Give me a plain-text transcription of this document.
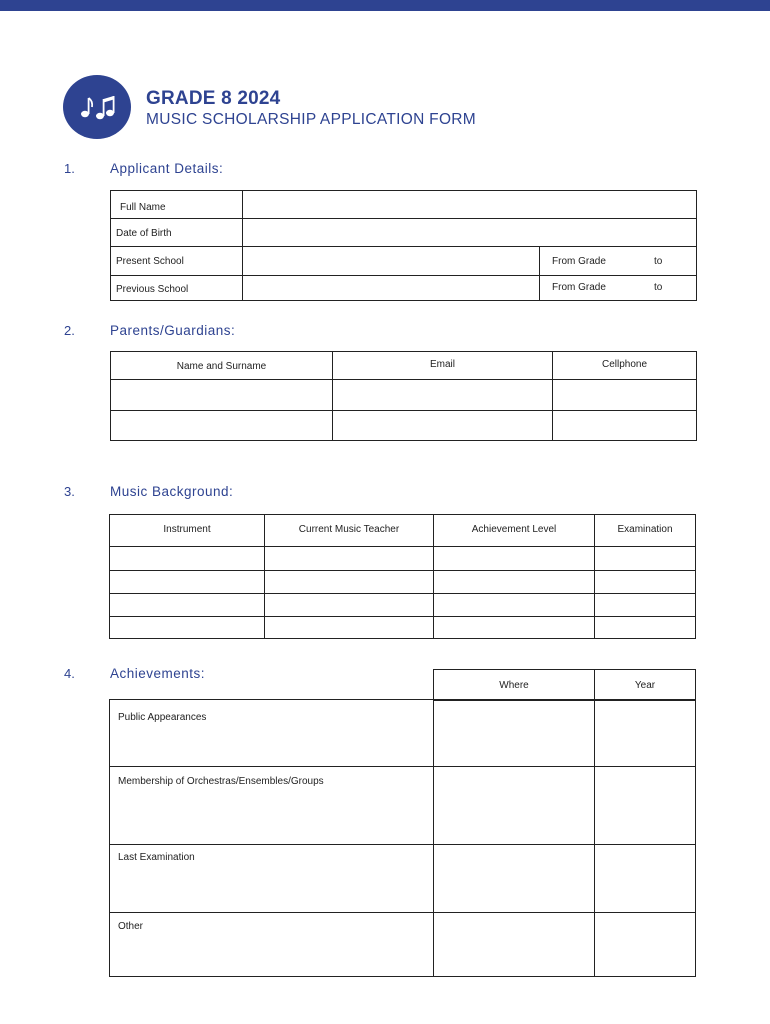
GRADE 8 2024
MUSIC SCHOLARSHIP APPLICATION FORM
1.	Applicant Details:
Full Name
Date of Birth
Present School	From Grade	to
Previous School	From Grade	to
2.	Parents/Guardians:
Name and Surname	Email	Cellphone
3.	Music Background:
Instrument	Current Music Teacher	Achievement Level	Examination
4.	Achievements:
Where	Year
Public Appearances
Membership of Orchestras/Ensembles/Groups
Last Examination
Other
